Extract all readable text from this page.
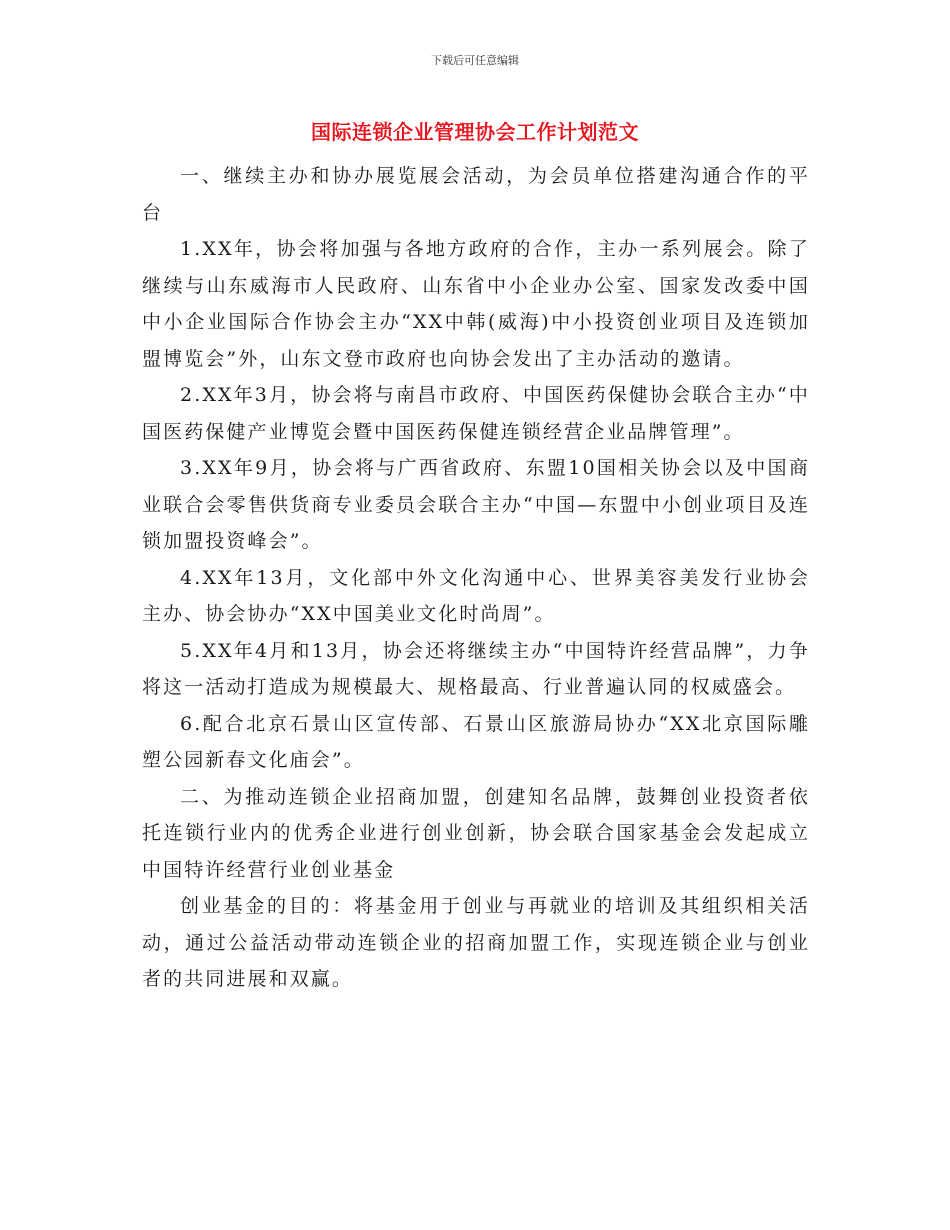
下载后可任意编辑
国际连锁企业管理协会工作计划范文

一、继续主办和协办展览展会活动，为会员单位搭建沟通合作的平台

1.XX年，协会将加强与各地方政府的合作，主办一系列展会。除了继续与山东威海市人民政府、山东省中小企业办公室、国家发改委中国中小企业国际合作协会主办“XX中韩(威海)中小投资创业项目及连锁加盟博览会”外，山东文登市政府也向协会发出了主办活动的邀请。

2.XX年3月，协会将与南昌市政府、中国医药保健协会联合主办“中国医药保健产业博览会暨中国医药保健连锁经营企业品牌管理”。

3.XX年9月，协会将与广西省政府、东盟10国相关协会以及中国商业联合会零售供货商专业委员会联合主办“中国—东盟中小创业项目及连锁加盟投资峰会”。

4.XX年13月，文化部中外文化沟通中心、世界美容美发行业协会主办、协会协办“XX中国美业文化时尚周”。

5.XX年4月和13月，协会还将继续主办“中国特许经营品牌”，力争将这一活动打造成为规模最大、规格最高、行业普遍认同的权威盛会。

6.配合北京石景山区宣传部、石景山区旅游局协办“XX北京国际雕塑公园新春文化庙会”。

二、为推动连锁企业招商加盟，创建知名品牌，鼓舞创业投资者依托连锁行业内的优秀企业进行创业创新，协会联合国家基金会发起成立中国特许经营行业创业基金

创业基金的目的：将基金用于创业与再就业的培训及其组织相关活动，通过公益活动带动连锁企业的招商加盟工作，实现连锁企业与创业者的共同进展和双赢。
